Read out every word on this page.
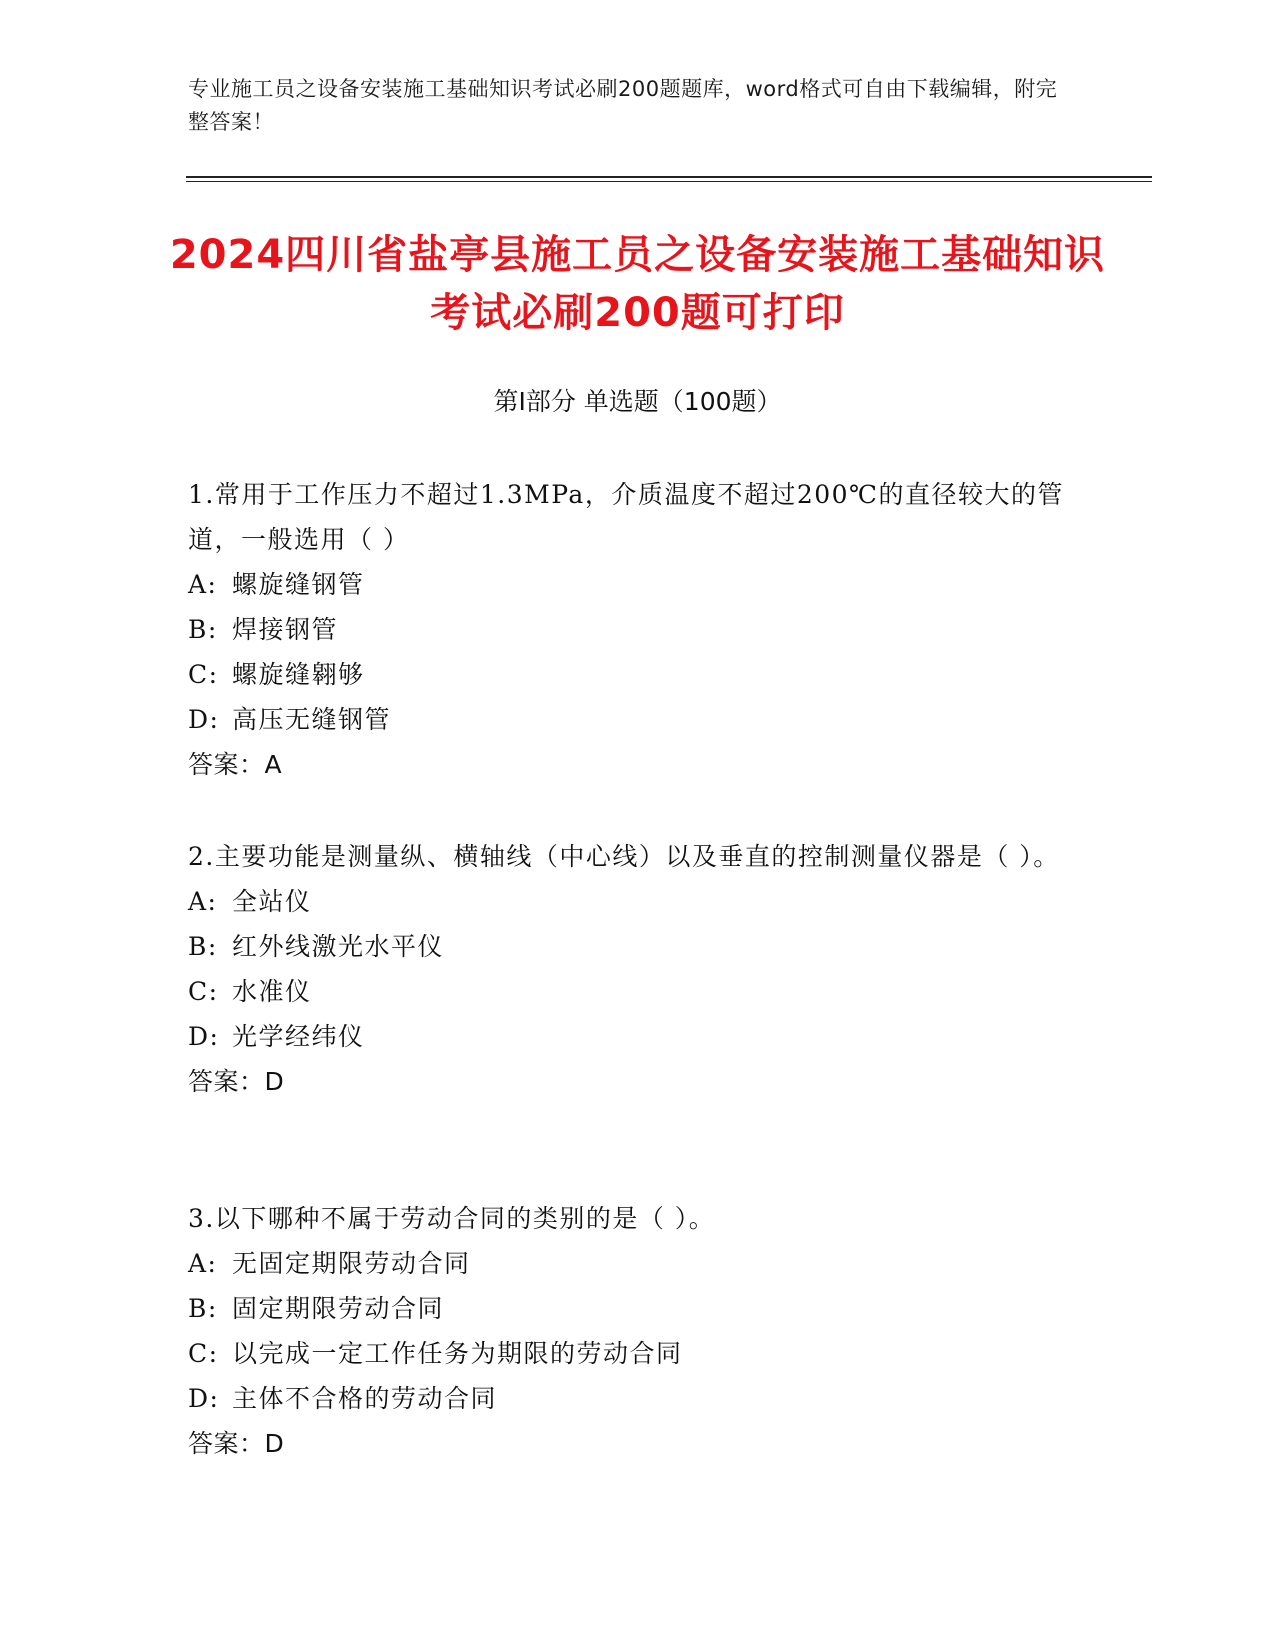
专业施工员之设备安装施工基础知识考试必刷200题题库，word格式可自由下载编辑，附完整答案！
2024四川省盐亭县施工员之设备安装施工基础知识考试必刷200题可打印
第Ⅰ部分 单选题（100题）

1.常用于工作压力不超过1.3MPa，介质温度不超过200℃的直径较大的管道，一般选用（ ）

A: 螺旋缝钢管

B: 焊接钢管

C: 螺旋缝翱够

D: 高压无缝钢管

答案：A

2.主要功能是测量纵、横轴线（中心线）以及垂直的控制测量仪器是（ ）。

A: 全站仪

B: 红外线激光水平仪

C: 水准仪

D: 光学经纬仪

答案：D

3.以下哪种不属于劳动合同的类别的是（ ）。

A: 无固定期限劳动合同

B: 固定期限劳动合同

C: 以完成一定工作任务为期限的劳动合同

D: 主体不合格的劳动合同

答案：D
